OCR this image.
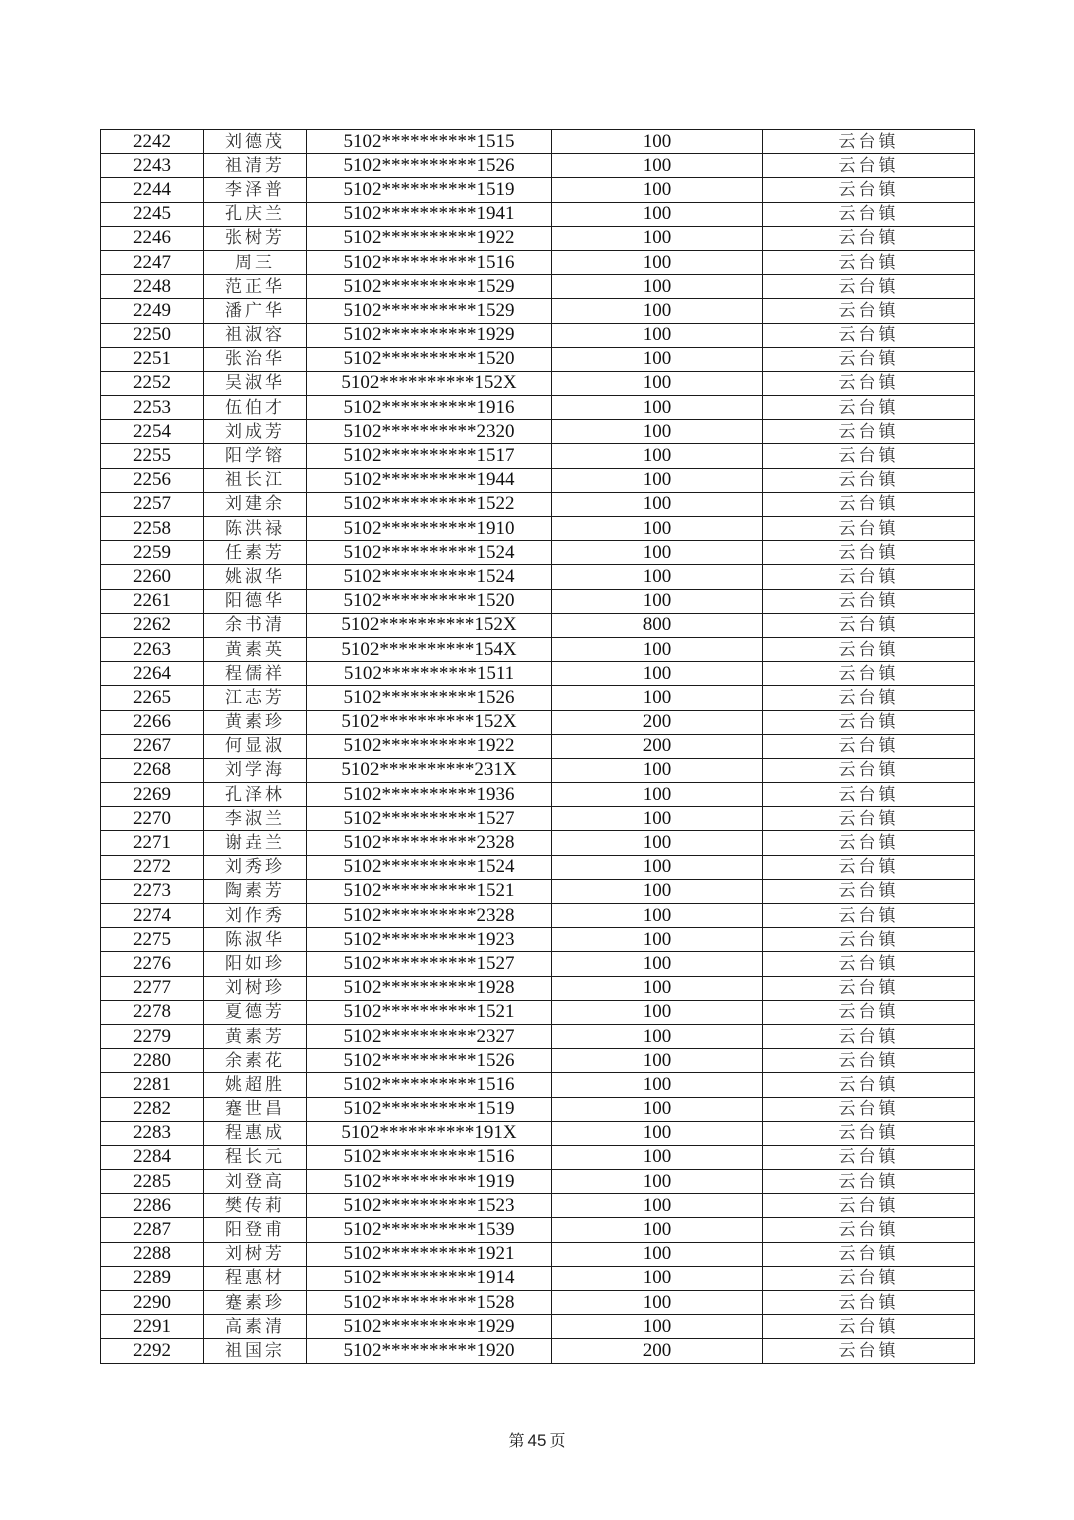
2242	刘德茂	5102**********1515	100	云台镇
2243	祖清芳	5102**********1526	100	云台镇
2244	李泽普	5102**********1519	100	云台镇
2245	孔庆兰	5102**********1941	100	云台镇
2246	张树芳	5102**********1922	100	云台镇
2247	周三	5102**********1516	100	云台镇
2248	范正华	5102**********1529	100	云台镇
2249	潘广华	5102**********1529	100	云台镇
2250	祖淑容	5102**********1929	100	云台镇
2251	张治华	5102**********1520	100	云台镇
2252	吴淑华	5102**********152X	100	云台镇
2253	伍伯才	5102**********1916	100	云台镇
2254	刘成芳	5102**********2320	100	云台镇
2255	阳学镕	5102**********1517	100	云台镇
2256	祖长江	5102**********1944	100	云台镇
2257	刘建余	5102**********1522	100	云台镇
2258	陈洪禄	5102**********1910	100	云台镇
2259	任素芳	5102**********1524	100	云台镇
2260	姚淑华	5102**********1524	100	云台镇
2261	阳德华	5102**********1520	100	云台镇
2262	余书清	5102**********152X	800	云台镇
2263	黄素英	5102**********154X	100	云台镇
2264	程儒祥	5102**********1511	100	云台镇
2265	江志芳	5102**********1526	100	云台镇
2266	黄素珍	5102**********152X	200	云台镇
2267	何显淑	5102**********1922	200	云台镇
2268	刘学海	5102**********231X	100	云台镇
2269	孔泽林	5102**********1936	100	云台镇
2270	李淑兰	5102**********1527	100	云台镇
2271	谢垚兰	5102**********2328	100	云台镇
2272	刘秀珍	5102**********1524	100	云台镇
2273	陶素芳	5102**********1521	100	云台镇
2274	刘作秀	5102**********2328	100	云台镇
2275	陈淑华	5102**********1923	100	云台镇
2276	阳如珍	5102**********1527	100	云台镇
2277	刘树珍	5102**********1928	100	云台镇
2278	夏德芳	5102**********1521	100	云台镇
2279	黄素芳	5102**********2327	100	云台镇
2280	余素花	5102**********1526	100	云台镇
2281	姚超胜	5102**********1516	100	云台镇
2282	蹇世昌	5102**********1519	100	云台镇
2283	程惠成	5102**********191X	100	云台镇
2284	程长元	5102**********1516	100	云台镇
2285	刘登高	5102**********1919	100	云台镇
2286	樊传莉	5102**********1523	100	云台镇
2287	阳登甫	5102**********1539	100	云台镇
2288	刘树芳	5102**********1921	100	云台镇
2289	程惠材	5102**********1914	100	云台镇
2290	蹇素珍	5102**********1528	100	云台镇
2291	高素清	5102**********1929	100	云台镇
2292	祖国宗	5102**********1920	200	云台镇
第 45 页
